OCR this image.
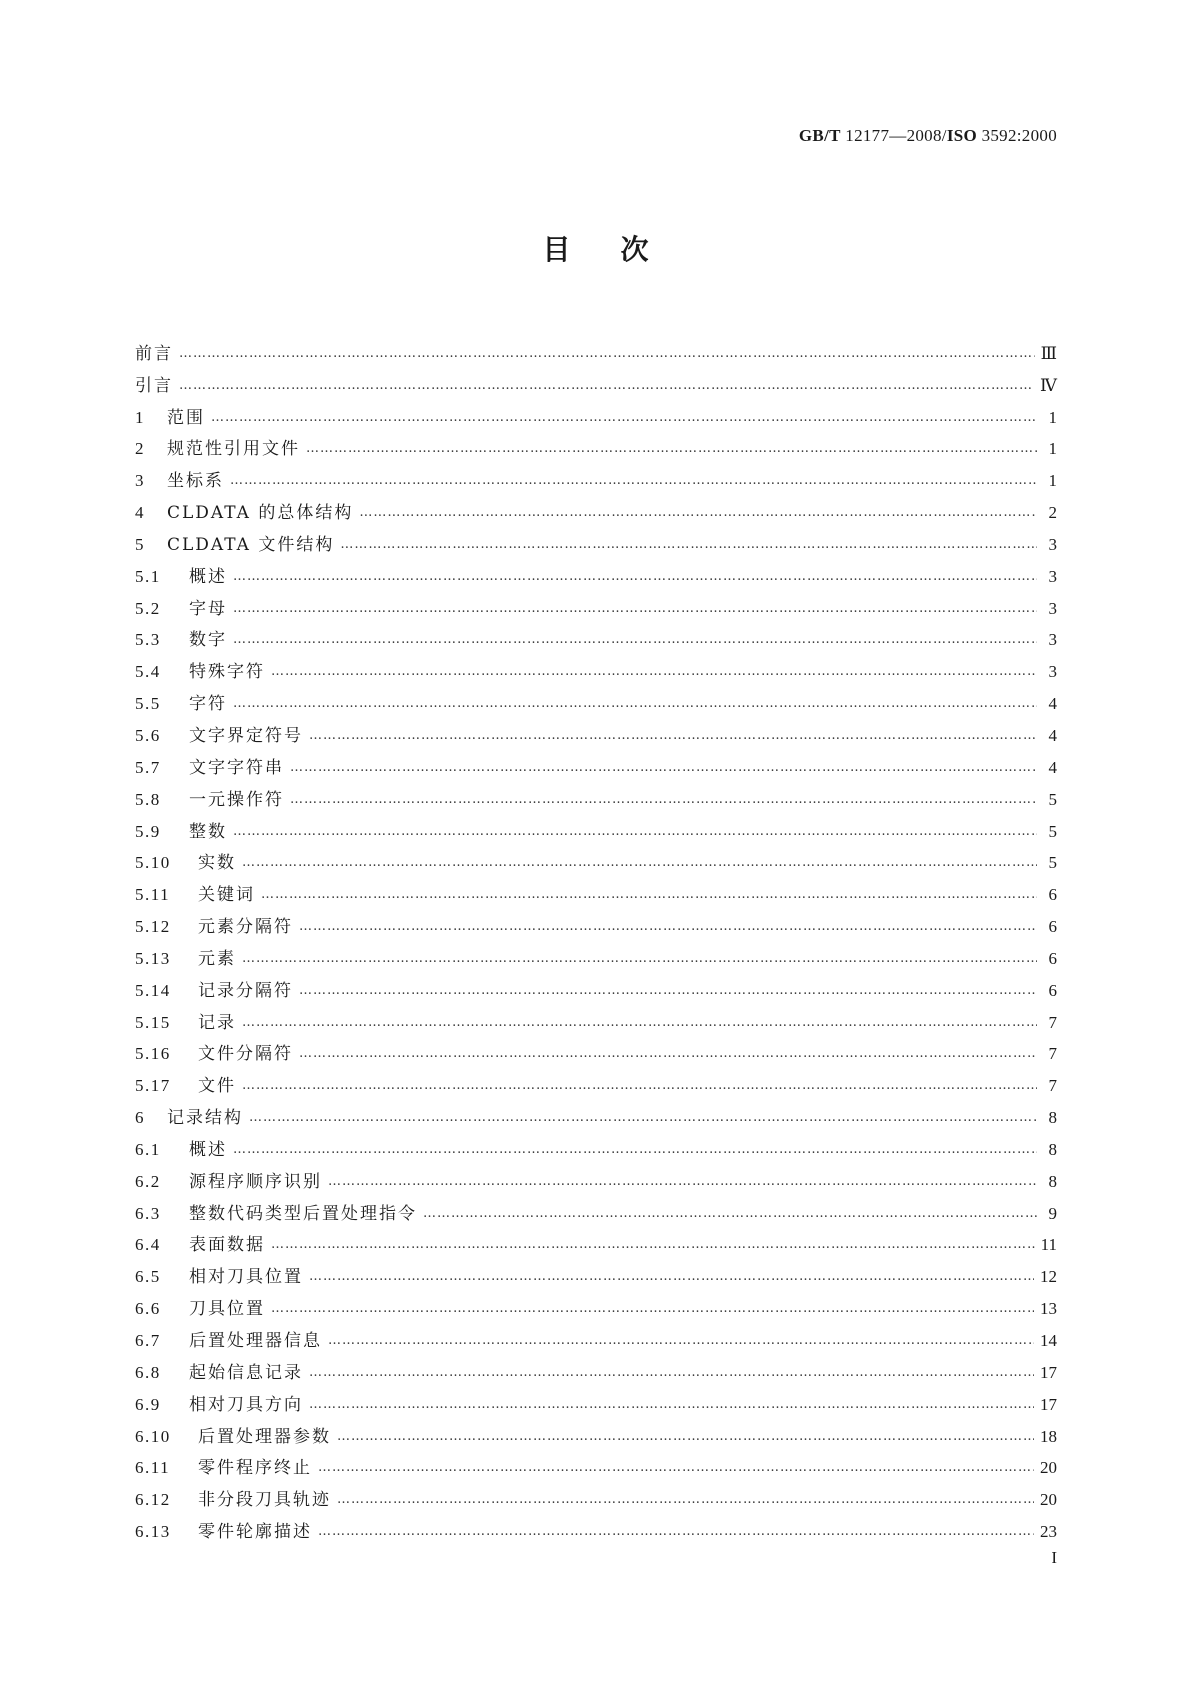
GB/T 12177—2008/ISO 3592:2000
目次
前言 …………………………………………………………………………………………………………………………………………………………………………………………………………………………………	Ⅲ
引言 …………………………………………………………………………………………………………………………………………………………………………………………………………………………………	Ⅳ
1	范围 …………………………………………………………………………………………………………………………………………………………………………………………………………………………………	1
2	规范性引用文件 …………………………………………………………………………………………………………………………………………………………………………………………………………………………………	1
3	坐标系 …………………………………………………………………………………………………………………………………………………………………………………………………………………………………	1
4	CLDATA 的总体结构 …………………………………………………………………………………………………………………………………………………………………………………………………………………………………	2
5	CLDATA 文件结构 …………………………………………………………………………………………………………………………………………………………………………………………………………………………………	3
5.1	概述 …………………………………………………………………………………………………………………………………………………………………………………………………………………………………	3
5.2	字母 …………………………………………………………………………………………………………………………………………………………………………………………………………………………………	3
5.3	数字 …………………………………………………………………………………………………………………………………………………………………………………………………………………………………	3
5.4	特殊字符 …………………………………………………………………………………………………………………………………………………………………………………………………………………………………	3
5.5	字符 …………………………………………………………………………………………………………………………………………………………………………………………………………………………………	4
5.6	文字界定符号 …………………………………………………………………………………………………………………………………………………………………………………………………………………………………	4
5.7	文字字符串 …………………………………………………………………………………………………………………………………………………………………………………………………………………………………	4
5.8	一元操作符 …………………………………………………………………………………………………………………………………………………………………………………………………………………………………	5
5.9	整数 …………………………………………………………………………………………………………………………………………………………………………………………………………………………………	5
5.10	实数 …………………………………………………………………………………………………………………………………………………………………………………………………………………………………	5
5.11	关键词 …………………………………………………………………………………………………………………………………………………………………………………………………………………………………	6
5.12	元素分隔符 …………………………………………………………………………………………………………………………………………………………………………………………………………………………………	6
5.13	元素 …………………………………………………………………………………………………………………………………………………………………………………………………………………………………	6
5.14	记录分隔符 …………………………………………………………………………………………………………………………………………………………………………………………………………………………………	6
5.15	记录 …………………………………………………………………………………………………………………………………………………………………………………………………………………………………	7
5.16	文件分隔符 …………………………………………………………………………………………………………………………………………………………………………………………………………………………………	7
5.17	文件 …………………………………………………………………………………………………………………………………………………………………………………………………………………………………	7
6	记录结构 …………………………………………………………………………………………………………………………………………………………………………………………………………………………………	8
6.1	概述 …………………………………………………………………………………………………………………………………………………………………………………………………………………………………	8
6.2	源程序顺序识别 …………………………………………………………………………………………………………………………………………………………………………………………………………………………………	8
6.3	整数代码类型后置处理指令 …………………………………………………………………………………………………………………………………………………………………………………………………………………………………	9
6.4	表面数据 …………………………………………………………………………………………………………………………………………………………………………………………………………………………………	11
6.5	相对刀具位置 …………………………………………………………………………………………………………………………………………………………………………………………………………………………………	12
6.6	刀具位置 …………………………………………………………………………………………………………………………………………………………………………………………………………………………………	13
6.7	后置处理器信息 …………………………………………………………………………………………………………………………………………………………………………………………………………………………………	14
6.8	起始信息记录 …………………………………………………………………………………………………………………………………………………………………………………………………………………………………	17
6.9	相对刀具方向 …………………………………………………………………………………………………………………………………………………………………………………………………………………………………	17
6.10	后置处理器参数 …………………………………………………………………………………………………………………………………………………………………………………………………………………………………	18
6.11	零件程序终止 …………………………………………………………………………………………………………………………………………………………………………………………………………………………………	20
6.12	非分段刀具轨迹 …………………………………………………………………………………………………………………………………………………………………………………………………………………………………	20
6.13	零件轮廓描述 …………………………………………………………………………………………………………………………………………………………………………………………………………………………………	23
I
